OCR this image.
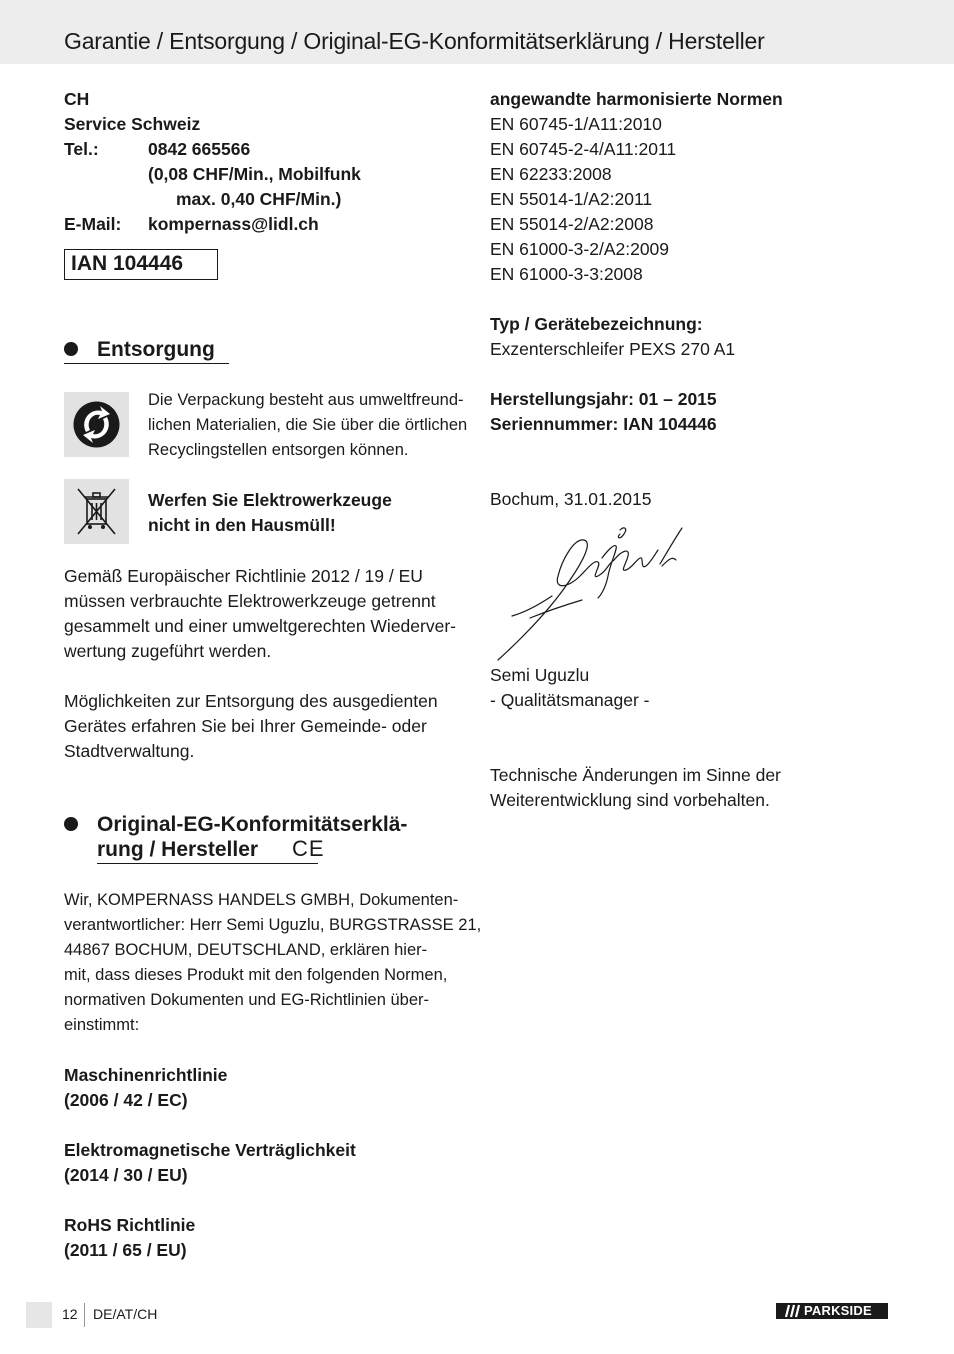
Garantie / Entsorgung / Original-EG-Konformitätserklärung / Hersteller
CH
Service Schweiz
Tel.:	0842 665566
(0,08 CHF/Min., Mobilfunk
max. 0,40 CHF/Min.)
E-Mail: kompernass@lidl.ch
IAN 104446
Entsorgung
Die Verpackung besteht aus umweltfreund-
lichen Materialien, die Sie über die örtlichen
Recyclingstellen entsorgen können.
Werfen Sie Elektrowerkzeuge
nicht in den Hausmüll!
Gemäß Europäischer Richtlinie 2012 / 19 / EU
müssen verbrauchte Elektrowerkzeuge getrennt
gesammelt und einer umweltgerechten Wiederver-
wertung zugeführt werden.
Möglichkeiten zur Entsorgung des ausgedienten
Gerätes erfahren Sie bei Ihrer Gemeinde- oder
Stadtverwaltung.
Original-EG-Konformitätserklä-
rung / Hersteller CE
Wir, KOMPERNASS HANDELS GMBH, Dokumenten-
verantwortlicher: Herr Semi Uguzlu, BURGSTRASSE 21,
44867 BOCHUM, DEUTSCHLAND, erklären hier-
mit, dass dieses Produkt mit den folgenden Normen,
normativen Dokumenten und EG-Richtlinien über-
einstimmt:
Maschinenrichtlinie
(2006 / 42 / EC)
Elektromagnetische Verträglichkeit
(2014 / 30 / EU)
RoHS Richtlinie
(2011 / 65 / EU)
angewandte harmonisierte Normen
EN 60745-1/A11:2010
EN 60745-2-4/A11:2011
EN 62233:2008
EN 55014-1/A2:2011
EN 55014-2/A2:2008
EN 61000-3-2/A2:2009
EN 61000-3-3:2008
Typ / Gerätebezeichnung:
Exzenterschleifer PEXS 270 A1
Herstellungsjahr: 01 – 2015
Seriennummer: IAN 104446
Bochum, 31.01.2015
Semi Uguzlu
- Qualitätsmanager -
Technische Änderungen im Sinne der
Weiterentwicklung sind vorbehalten.
12 DE/AT/CH	PARKSIDE
